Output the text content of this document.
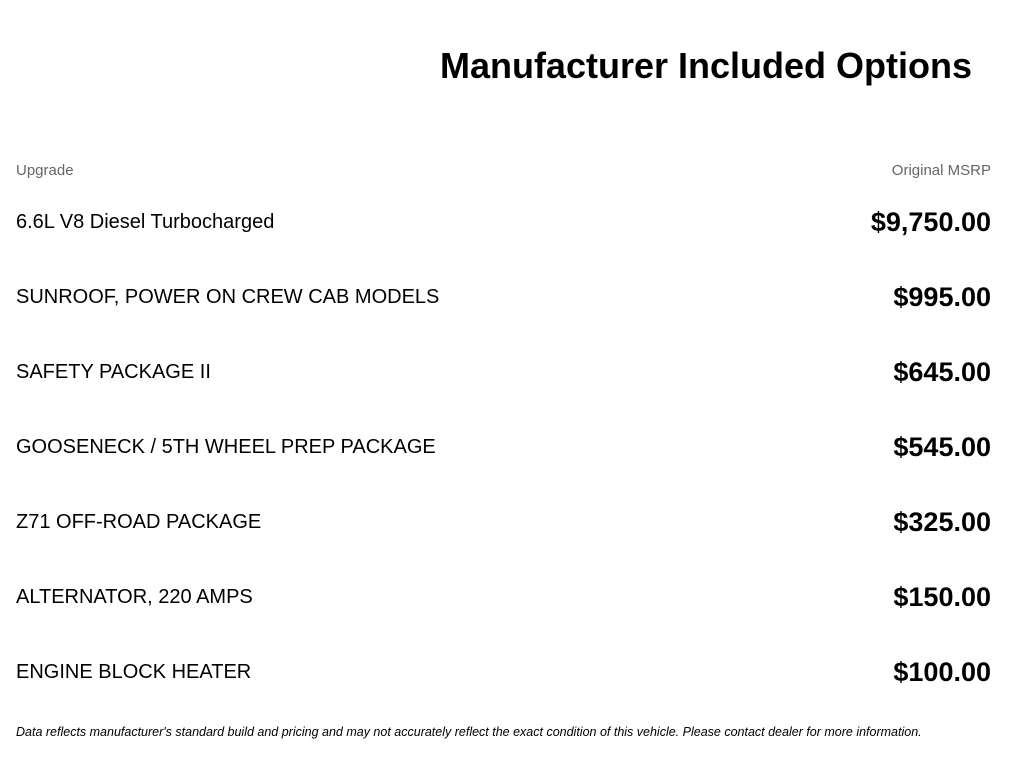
Manufacturer Included Options
Upgrade	Original MSRP
6.6L V8 Diesel Turbocharged	$9,750.00
SUNROOF, POWER ON CREW CAB MODELS	$995.00
SAFETY PACKAGE II	$645.00
GOOSENECK / 5TH WHEEL PREP PACKAGE	$545.00
Z71 OFF-ROAD PACKAGE	$325.00
ALTERNATOR, 220 AMPS	$150.00
ENGINE BLOCK HEATER	$100.00

Data reflects manufacturer's standard build and pricing and may not accurately reflect the exact condition of this vehicle. Please contact dealer for more information.
